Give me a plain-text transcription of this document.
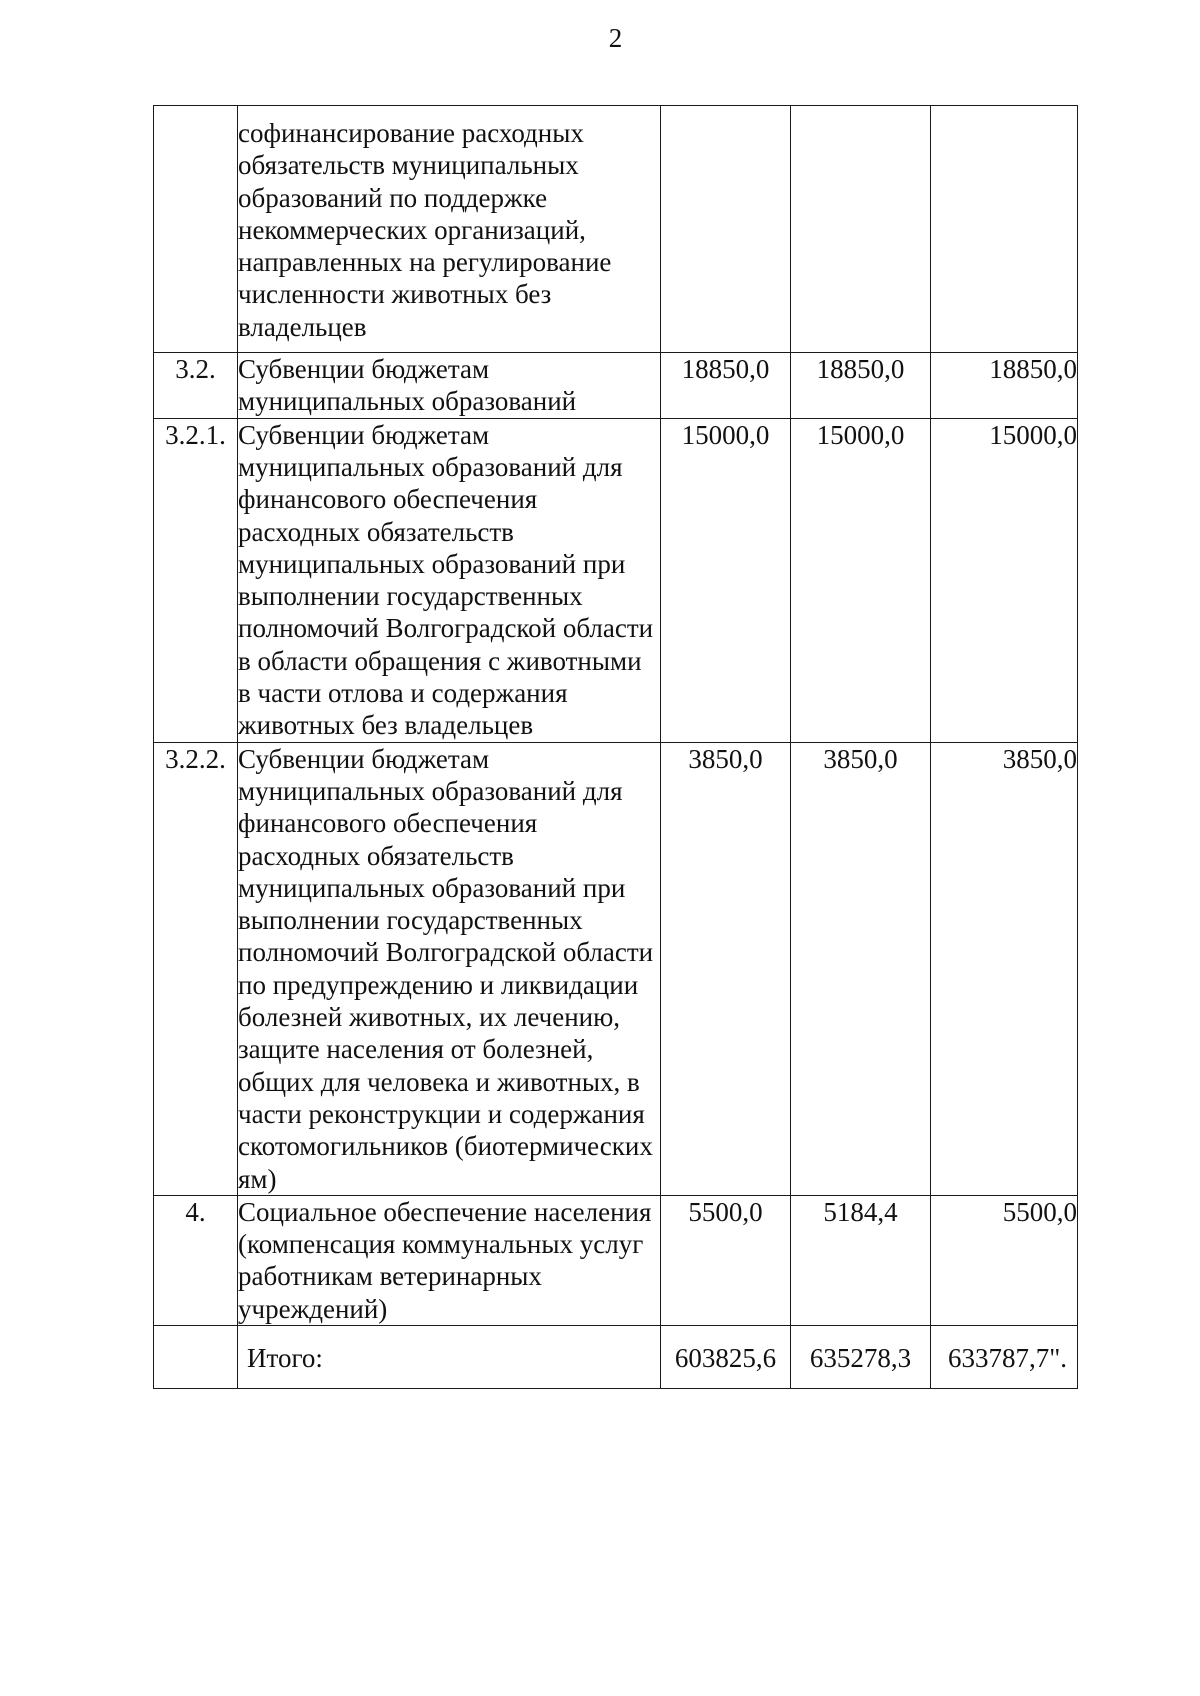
2
	софинансирование расходных обязательств муниципальных образований по поддержке некоммерческих организаций, направленных на регулирование численности животных без владельцев			
3.2.	Субвенции бюджетам муниципальных образований	18850,0	18850,0	18850,0
3.2.1.	Субвенции бюджетам муниципальных образований для финансового обеспечения расходных обязательств муниципальных образований при выполнении государственных полномочий Волгоградской области в области обращения с животными в части отлова и содержания животных без владельцев	15000,0	15000,0	15000,0
3.2.2.	Субвенции бюджетам муниципальных образований для финансового обеспечения расходных обязательств муниципальных образований при выполнении государственных полномочий Волгоградской области по предупреждению и ликвидации болезней животных, их лечению, защите населения от болезней, общих для человека и животных, в части реконструкции и содержания скотомогильников (биотермических ям)	3850,0	3850,0	3850,0
4.	Социальное обеспечение населения (компенсация коммунальных услуг работникам ветеринарных учреждений)	5500,0	5184,4	5500,0
	Итого:	603825,6	635278,3	633787,7".
